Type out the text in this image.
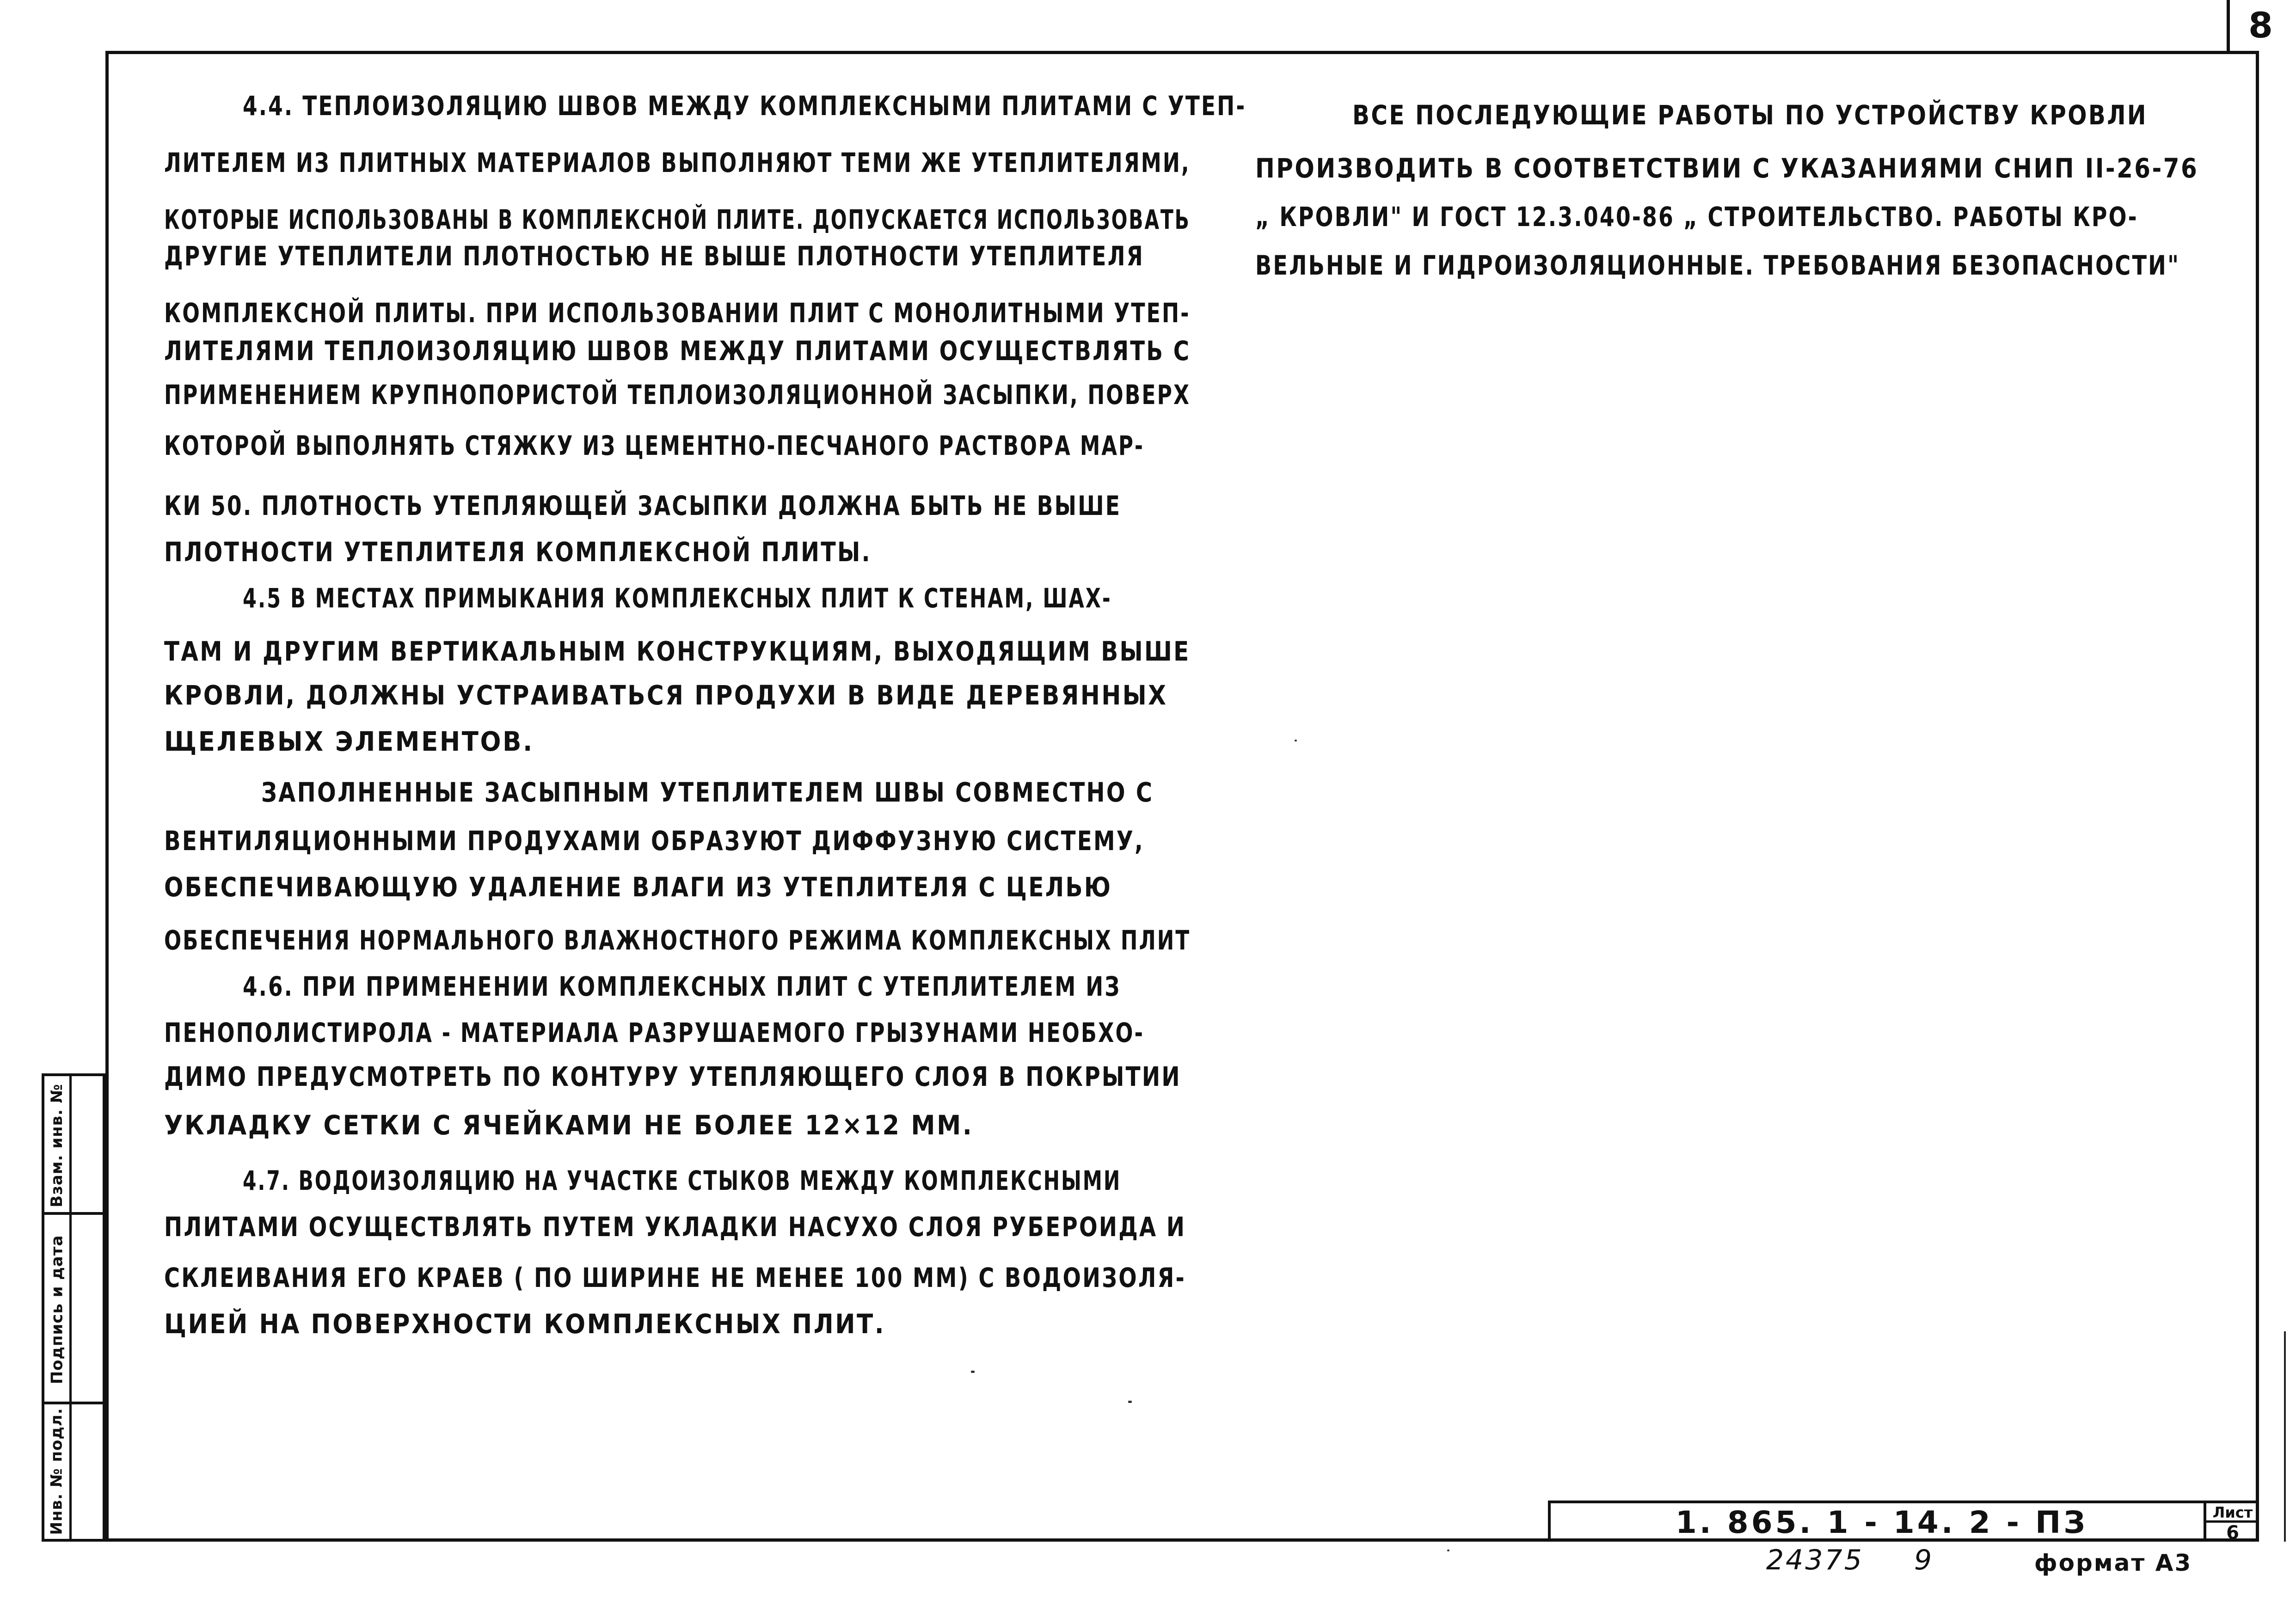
8
Взам. инв. №
Подпись и дата
Инв. № подл.
4.4. ТЕПЛОИЗОЛЯЦИЮ ШВОВ МЕЖДУ КОМПЛЕКСНЫМИ ПЛИТАМИ С УТЕП-
ЛИТЕЛЕМ ИЗ ПЛИТНЫХ МАТЕРИАЛОВ ВЫПОЛНЯЮТ ТЕМИ ЖЕ УТЕПЛИТЕЛЯМИ,
КОТОРЫЕ ИСПОЛЬЗОВАНЫ В КОМПЛЕКСНОЙ ПЛИТЕ. ДОПУСКАЕТСЯ ИСПОЛЬЗОВАТЬ
ДРУГИЕ УТЕПЛИТЕЛИ ПЛОТНОСТЬЮ НЕ ВЫШЕ ПЛОТНОСТИ УТЕПЛИТЕЛЯ
КОМПЛЕКСНОЙ ПЛИТЫ. ПРИ ИСПОЛЬЗОВАНИИ ПЛИТ С МОНОЛИТНЫМИ УТЕП-
ЛИТЕЛЯМИ ТЕПЛОИЗОЛЯЦИЮ ШВОВ МЕЖДУ ПЛИТАМИ ОСУЩЕСТВЛЯТЬ С
ПРИМЕНЕНИЕМ КРУПНОПОРИСТОЙ ТЕПЛОИЗОЛЯЦИОННОЙ ЗАСЫПКИ, ПОВЕРХ
КОТОРОЙ ВЫПОЛНЯТЬ СТЯЖКУ ИЗ ЦЕМЕНТНО-ПЕСЧАНОГО РАСТВОРА МАР-
КИ 50. ПЛОТНОСТЬ УТЕПЛЯЮЩЕЙ ЗАСЫПКИ ДОЛЖНА БЫТЬ НЕ ВЫШЕ
ПЛОТНОСТИ УТЕПЛИТЕЛЯ КОМПЛЕКСНОЙ ПЛИТЫ.
4.5 В МЕСТАХ ПРИМЫКАНИЯ КОМПЛЕКСНЫХ ПЛИТ К СТЕНАМ, ШАХ-
ТАМ И ДРУГИМ ВЕРТИКАЛЬНЫМ КОНСТРУКЦИЯМ, ВЫХОДЯЩИМ ВЫШЕ
КРОВЛИ, ДОЛЖНЫ УСТРАИВАТЬСЯ ПРОДУХИ В ВИДЕ ДЕРЕВЯННЫХ
ЩЕЛЕВЫХ ЭЛЕМЕНТОВ.
ЗАПОЛНЕННЫЕ ЗАСЫПНЫМ УТЕПЛИТЕЛЕМ ШВЫ СОВМЕСТНО С
ВЕНТИЛЯЦИОННЫМИ ПРОДУХАМИ ОБРАЗУЮТ ДИФФУЗНУЮ СИСТЕМУ,
ОБЕСПЕЧИВАЮЩУЮ УДАЛЕНИЕ ВЛАГИ ИЗ УТЕПЛИТЕЛЯ С ЦЕЛЬЮ
ОБЕСПЕЧЕНИЯ НОРМАЛЬНОГО ВЛАЖНОСТНОГО РЕЖИМА КОМПЛЕКСНЫХ ПЛИТ
4.6. ПРИ ПРИМЕНЕНИИ КОМПЛЕКСНЫХ ПЛИТ С УТЕПЛИТЕЛЕМ ИЗ
ПЕНОПОЛИСТИРОЛА - МАТЕРИАЛА РАЗРУШАЕМОГО ГРЫЗУНАМИ НЕОБХО-
ДИМО ПРЕДУСМОТРЕТЬ ПО КОНТУРУ УТЕПЛЯЮЩЕГО СЛОЯ В ПОКРЫТИИ
УКЛАДКУ СЕТКИ С ЯЧЕЙКАМИ НЕ БОЛЕЕ 12×12 ММ.
4.7. ВОДОИЗОЛЯЦИЮ НА УЧАСТКЕ СТЫКОВ МЕЖДУ КОМПЛЕКСНЫМИ
ПЛИТАМИ ОСУЩЕСТВЛЯТЬ ПУТЕМ УКЛАДКИ НАСУХО СЛОЯ РУБЕРОИДА И
СКЛЕИВАНИЯ ЕГО КРАЕВ ( ПО ШИРИНЕ НЕ МЕНЕЕ 100 ММ) С ВОДОИЗОЛЯ-
ЦИЕЙ НА ПОВЕРХНОСТИ КОМПЛЕКСНЫХ ПЛИТ.
ВСЕ ПОСЛЕДУЮЩИЕ РАБОТЫ ПО УСТРОЙСТВУ КРОВЛИ
ПРОИЗВОДИТЬ В СООТВЕТСТВИИ С УКАЗАНИЯМИ СНИП II-26-76
„ КРОВЛИ" И ГОСТ 12.3.040-86 „ СТРОИТЕЛЬСТВО. РАБОТЫ КРО-
ВЕЛЬНЫЕ И ГИДРОИЗОЛЯЦИОННЫЕ. ТРЕБОВАНИЯ БЕЗОПАСНОСТИ"
1. 865. 1 - 14. 2 - ПЗ	Лист
6
24375 9	формат А3
